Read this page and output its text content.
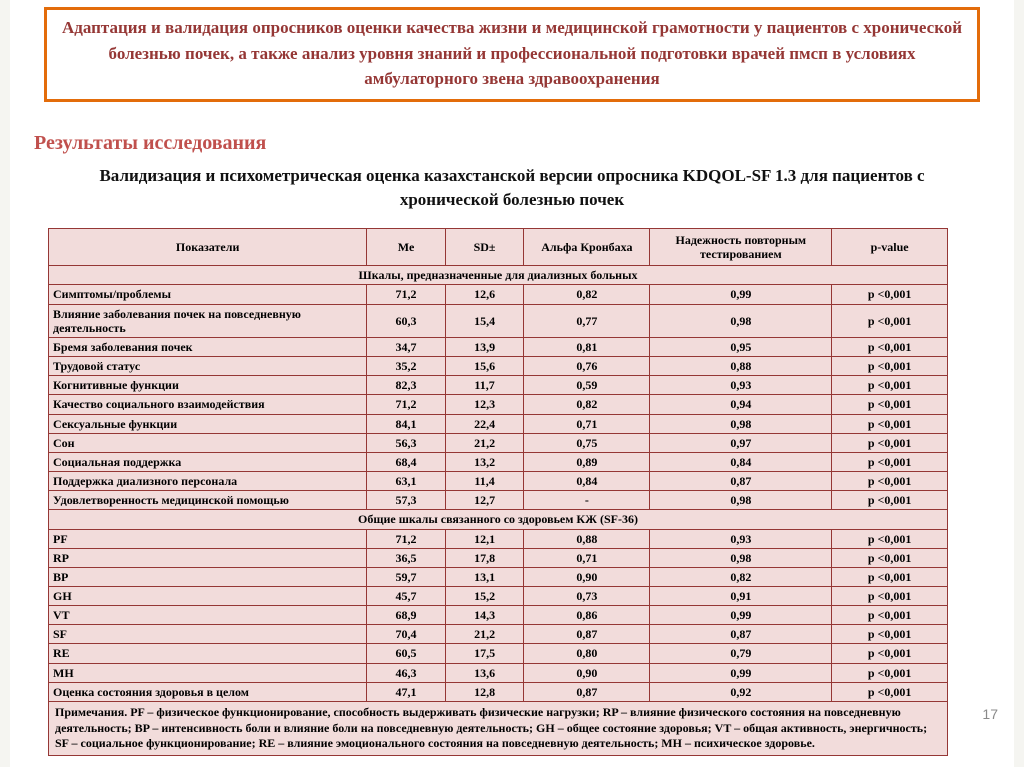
Адаптация и валидация опросников оценки качества жизни и медицинской грамотности у пациентов с хронической болезнью почек, а также анализ уровня знаний и профессиональной подготовки врачей пмсп в условиях амбулаторного звена здравоохранения
Результаты исследования
Валидизация и психометрическая оценка казахстанской версии опросника KDQOL-SF 1.3 для пациентов с хронической болезнью почек
Показатели	Ме	SD±	Альфа Кронбаха	Надежность повторным тестированием	p-value
Шкалы, предназначенные для диализных больных					
Симптомы/проблемы	71,2	12,6	0,82	0,99	р <0,001
Влияние заболевания почек на повседневную деятельность	60,3	15,4	0,77	0,98	р <0,001
Бремя заболевания почек	34,7	13,9	0,81	0,95	р <0,001
Трудовой статус	35,2	15,6	0,76	0,88	р <0,001
Когнитивные функции	82,3	11,7	0,59	0,93	р <0,001
Качество социального взаимодействия	71,2	12,3	0,82	0,94	р <0,001
Сексуальные функции	84,1	22,4	0,71	0,98	р <0,001
Сон	56,3	21,2	0,75	0,97	р <0,001
Социальная поддержка	68,4	13,2	0,89	0,84	р <0,001
Поддержка диализного персонала	63,1	11,4	0,84	0,87	р <0,001
Удовлетворенность медицинской помощью	57,3	12,7	-	0,98	р <0,001
Общие шкалы связанного со здоровьем КЖ (SF-36)					
PF	71,2	12,1	0,88	0,93	р <0,001
RP	36,5	17,8	0,71	0,98	р <0,001
BP	59,7	13,1	0,90	0,82	р <0,001
GH	45,7	15,2	0,73	0,91	р <0,001
VT	68,9	14,3	0,86	0,99	р <0,001
SF	70,4	21,2	0,87	0,87	р <0,001
RE	60,5	17,5	0,80	0,79	р <0,001
MH	46,3	13,6	0,90	0,99	р <0,001
Оценка состояния здоровья в целом	47,1	12,8	0,87	0,92	р <0,001
Примечания. PF – физическое функционирование, способность выдерживать физические нагрузки; RP – влияние физического состояния на повседневную деятельность; BP – интенсивность боли и влияние боли на повседневную деятельность; GH – общее состояние здоровья; VT – общая активность, энергичность; SF – социальное функционирование; RE – влияние эмоционального состояния на повседневную деятельность; MH – психическое здоровье.					
17
